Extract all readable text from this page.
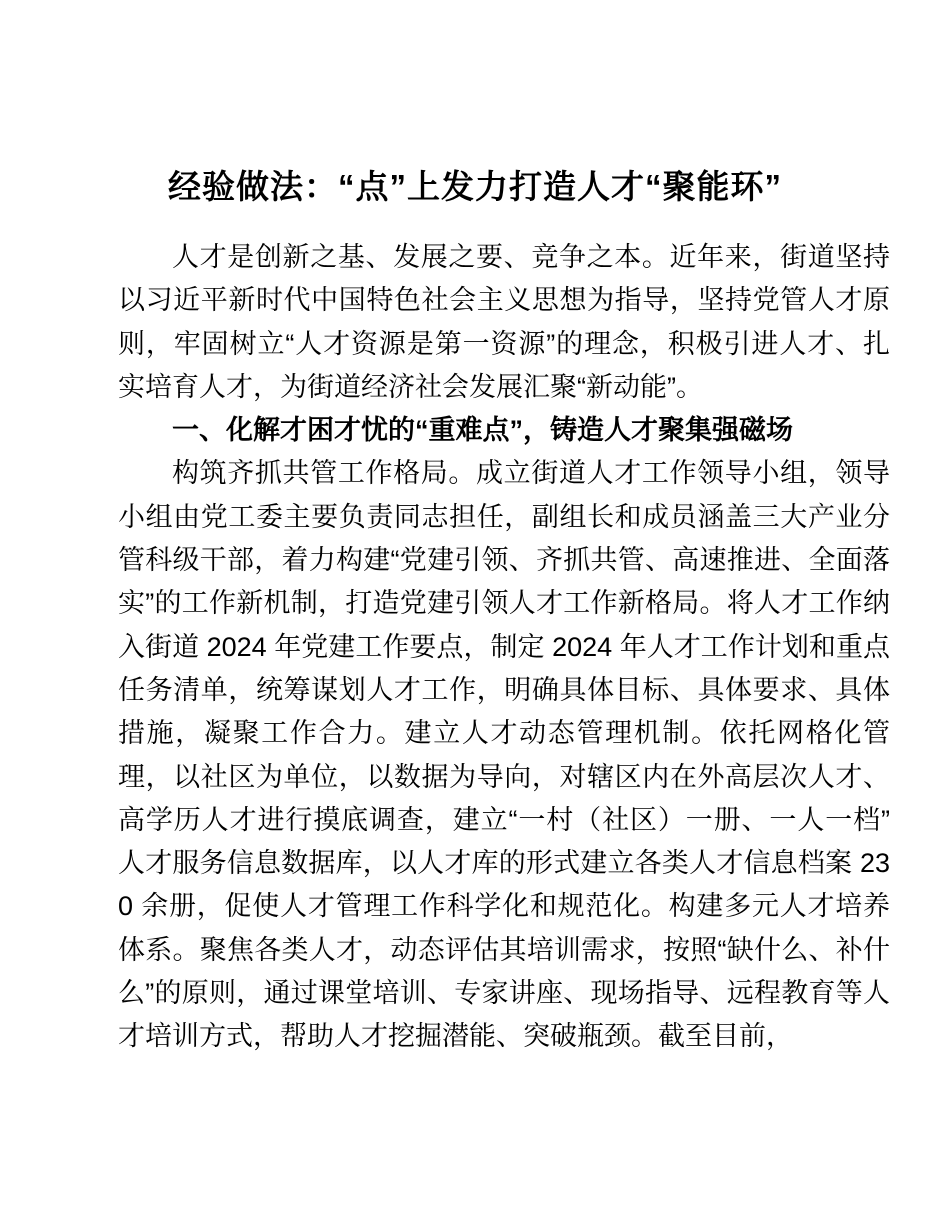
经验做法：“点”上发力打造人才“聚能环”

人才是创新之基、发展之要、竞争之本。近年来，街道坚持以习近平新时代中国特色社会主义思想为指导，坚持党管人才原则，牢固树立“人才资源是第一资源”的理念，积极引进人才、扎实培育人才，为街道经济社会发展汇聚“新动能”。

一、化解才困才忧的“重难点”，铸造人才聚集强磁场

构筑齐抓共管工作格局。成立街道人才工作领导小组，领导小组由党工委主要负责同志担任，副组长和成员涵盖三大产业分管科级干部，着力构建“党建引领、齐抓共管、高速推进、全面落实”的工作新机制，打造党建引领人才工作新格局。将人才工作纳入街道 2024 年党建工作要点，制定 2024 年人才工作计划和重点任务清单，统筹谋划人才工作，明确具体目标、具体要求、具体措施，凝聚工作合力。建立人才动态管理机制。依托网格化管理，以社区为单位，以数据为导向，对辖区内在外高层次人才、高学历人才进行摸底调查，建立“一村（社区）一册、一人一档”人才服务信息数据库，以人才库的形式建立各类人才信息档案 230 余册，促使人才管理工作科学化和规范化。构建多元人才培养体系。聚焦各类人才，动态评估其培训需求，按照“缺什么、补什么”的原则，通过课堂培训、专家讲座、现场指导、远程教育等人才培训方式，帮助人才挖掘潜能、突破瓶颈。截至目前，
